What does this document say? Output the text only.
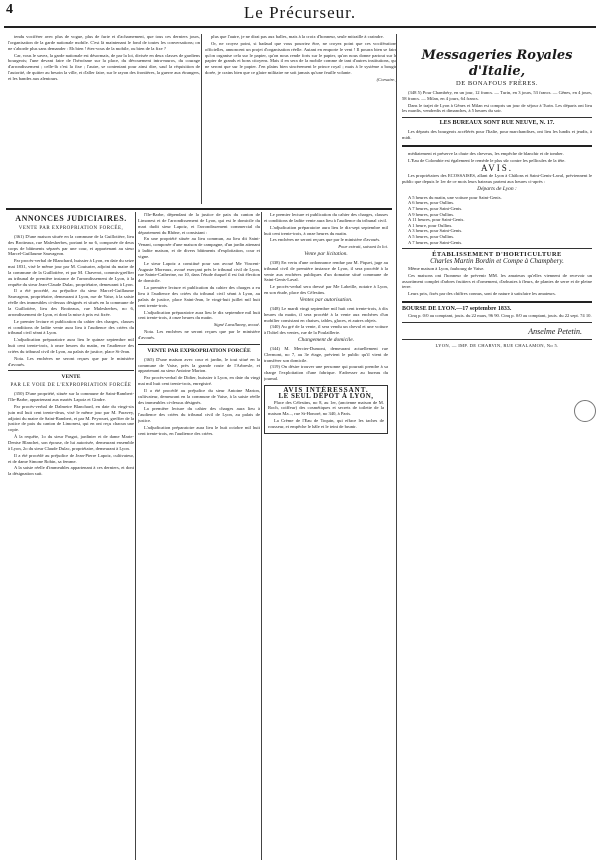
4	Le Précurseur.

tendu vociférer avec plus de vogue, plus de furie et d'acharnement, que tous ces derniers jours, l'organisation de la garde nationale mobile. C'est là maintenant le fond de toutes les conversations; on ne s'aborde plus sans demander : Eh bien ! êtes-vous de la mobile, ou bien de la fixe ?

Car, vous le savez, la garde nationale est désormais, de par la loi, divisée en deux classes de gardiens bourgeois; l'une devant faire de l'héroïsme sur la place, du dévouement intra-muros, du courage d'arrondissement ; celle-là c'est la fixe ; l'autre, se contentant pour ainsi dire, sauf la réquisition de l'autorité, de quitter au besoin la ville, et d'aller faire, sur le rayon des frontières, la guerre aux étrangers, et les bandes aux alentours.

plus que l'autre, je ne dirai pas aux balles, mais à la croix d'honneur, seule mitraille à craindre.

Or, ne croyez point, si badaud que vous pourriez être, ne croyez point que ces vociférations officielles, annoncent un projet d'organisation réelle. Autant en emporte le vent ! Il pourra bien se faire qu'on organise cela sur le papier, qu'on nous rende forts sur le papier, qu'on nous donne partout sur le papier de grands et bons citoyens. Mais il en sera de la mobile comme de tant d'autres institutions, qui ne seront que sur le papier. J'en plains bien sincèrement le prince royal ; mais à le système a bougie dorée, je crains bien que ce glaire militaire ne soit jamais qu'une feuille volante.

(Corsaire.)

ANNONCES JUDICIAIRES.
VENTE PAR EXPROPRIATION FORCÉE,

(361) D'une maison située en la commune de la Guillotière, lieu des Brotteaux, rue Malesherbes, portant le no 6, composée de deux corps de bâtiments séparés par une cour, et appartenant au sieur Marcel-Guillaume Sauvageon.

Par procès-verbal de Blanchard, huissier à Lyon, en date du seize mai 1831, visé le même jour par M. Couturier, adjoint du maire de la commune de la Guillotière, et par M. Chaverot, commis-greffier au tribunal de première instance de l'arrondissement de Lyon, à la requête du sieur Jean-Claude Dulac, propriétaire, demeurant à Lyon.

Il a été procédé, au préjudice du sieur Marcel-Guillaume Sauvageon, propriétaire, demeurant à Lyon, rue de Vaise, à la saisie réelle des immeubles ci-dessus désignés et situés en la commune de la Guillotière, lieu des Brotteaux, rue Malesherbes, no 6, arrondissement de Lyon, et dont la mise à prix est fixée.

Le premier lecture et publication du cahier des charges, clauses et conditions de ladite vente aura lieu à l'audience des criées du tribunal civil séant à Lyon.

L'adjudication préparatoire aura lieu le quinze septembre mil huit cent trente-trois, à onze heures du matin, en l'audience des criées du tribunal civil de Lyon, au palais de justice, place St-Jean.

Nota. Les enchères ne seront reçues que par le ministère d'avoués.

VENTE
PAR LE VOIE DE L'EXPROPRIATION FORCÉE

(350) D'une propriété, située sur la commune de Saint-Rambert-l'Ile-Barbe, appartenant aux mariés Lapoiz et Gindre.

Par procès-verbal de Dalmeire Blanchard, en date du vingt-six juin mil huit cent trente-deux, visé le même jour par M. Paravey, adjoint du maire de Saint-Rambert, et par M. Peyrouet, greffier de la justice de paix du canton de Limonest, qui en ont reçu chacun une copie.

À la requête, 1o du sieur Pasgot, jardinier et de dame Marie-Denise Blanchet, son épouse, de lui autorisée, demeurant ensemble à Lyon, 2o du sieur Claude Dulac, propriétaire, demeurant à Lyon.

Il a été procédé au préjudice de Jean-Pierre Lapoiz, cultivateur, et de dame Simone Robin, sa femme.

A la saisie réelle d'immeubles appartenant à ces derniers, et dont la désignation suit.

l'Ile-Barbe, dépendant de la justice de paix du canton de Limonest et de l'arrondissement de Lyon, qui est le domicile du mari dudit sieur Lapoiz, et l'arrondissement commercial du département du Rhône, et consistant :

En une propriété située au lieu commun, au lieu dit Saint-Venant, composée d'une maison de campagne, d'un jardin attenant à ladite maison, et de divers bâtiments d'exploitation, cour et vigne.

Le sieur Lapoiz a constitué pour son avoué Me Vincent-Auguste Moreaux, avoué exerçant près le tribunal civil de Lyon, rue Sainte-Catherine, no 10, dans l'étude duquel il est fait élection de domicile.

La première lecture et publication du cahier des charges a eu lieu à l'audience des criées du tribunal civil séant à Lyon, au palais de justice, place Saint-Jean, le vingt-huit juillet mil huit cent trente-trois.

L'adjudication préparatoire aura lieu le dix septembre mil huit cent trente-trois, à onze heures du matin.

Signé Lavallanny, avoué.

Nota. Les enchères ne seront reçues que par le ministère d'avoués.

VENTE PAR EXPROPRIATION FORCÉE

(365) D'une maison avec cour et jardin, le tout situé en la commune de Vaise, près la grande route de l'Arbresle, et appartenant au sieur Antoine Marion.

Par procès-verbal de Didier, huissier à Lyon, en date du vingt mai mil huit cent trente-trois, enregistré.

Il a été procédé au préjudice du sieur Antoine Marion, cultivateur, demeurant en la commune de Vaise, à la saisie réelle des immeubles ci-dessus désignés.

La première lecture du cahier des charges aura lieu à l'audience des criées du tribunal civil de Lyon, au palais de justice.

L'adjudication préparatoire aura lieu le huit octobre mil huit cent trente-trois, en l'audience des criées.

Le premier lecture et publication du cahier des charges, clauses et conditions de ladite vente aura lieu à l'audience du tribunal civil.

L'adjudication préparatoire aura lieu le dix-sept septembre mil huit cent trente-trois, à onze heures du matin.

Les enchères ne seront reçues que par le ministère d'avoués.

Pour extrait, suivant la loi.

Vente par licitation.

(338) En vertu d'une ordonnance rendue par M. Piquet, juge au tribunal civil de première instance de Lyon, il sera procédé à la vente aux enchères publiques d'un domaine situé commune de Saint-Genis-Laval.

Le procès-verbal sera dressé par Me Labeille, notaire à Lyon, en son étude, place des Célestins.

Ventes par autorisation.

(348) Le mardi vingt septembre mil huit cent trente-trois, à dix heures du matin, il sera procédé à la vente aux enchères d'un mobilier consistant en chaises, tables, glaces, et autres objets.

(340) Au gré de la vente, il sera vendu un cheval et une voiture à l'hôtel des ventes, rue de la Poulaillerie.

Changement de domicile.

(344) M. Mercier-Dumont, demeurant actuellement rue Clermont, no 7, au 3e étage, prévient le public qu'il vient de transférer son domicile.

(319) On désire trouver une personne qui pourrait prendre à sa charge l'exploitation d'une fabrique. S'adresser au bureau du journal.

AVIS INTÉRESSANT.
LE SEUL DÉPOT À LYON,

Place des Célestins, no 8, au 1er, (ancienne maison de M. Roch, coiffeur) des cosmétiques et secrets de toilette de la maison Ma..., rue St-Honoré, no 340, à Paris.

La Crème de l'Eau de Toquin, qui efface les taches de rousseur, et empêche le hâle et le teint de brunir.

Messageries Royales d'Italie,
DE BONAFOUS FRÈRES.

(348 5) Pour Chambéry, en un jour, 12 francs. — Turin, en 3 jours, 53 francs. — Gênes, en 4 jours, 58 francs. — Milan, en 4 jours, 64 francs.

Dans le trajet de Lyon à Gênes et Milan est compris un jour de séjour à Turin. Les départs ont lieu les mardis, vendredis et dimanches, à 5 heures du soir.

LES BUREAUX SONT RUE NEUVE, N. 17.

Les départs des bourgeois accélérés pour l'Italie, pour marchandises, ont lieu les lundis et jeudis, à midi.

médiatement et préserve la chute des cheveux, les empêche de blanchir et de tomber.

L'Eau de Colombie est également le remède le plus sûr contre les pellicules de la tête.

AVIS.

Les propriétaires des ECOSSAISES, allant de Lyon à Châlons et Saint-Genis-Laval, préviennent le public que depuis le 1er de ce mois leurs bateaux partent aux heures ci-après :

Départs de Lyon :
A 5 heures du matin, une voiture pour Saint-Genis.
A 6 heures, pour Oullins.
A 7 heures, pour Saint-Genis.
A 9 heures, pour Oullins.
A 11 heures, pour Saint-Genis.
A 1 heure, pour Oullins.
A 3 heures, pour Saint-Genis.
A 5 heures, pour Oullins.
A 7 heures, pour Saint-Genis.
ÉTABLISSEMENT D'HORTICULTURE
Charles Martin Bordin et Compe à Champbery.

Même maison à Lyon, faubourg de Vaise.

Ces maisons ont l'honneur de prévenir MM. les amateurs qu'elles viennent de recevoir un assortiment complet d'arbres fruitiers et d'ornement, d'arbustes à fleurs, de plantes de serre et de pleine terre.

Leurs prix, fixés par des chiffres connus, sont de nature à satisfaire les amateurs.

BOURSE DE LYON.—17 septembre 1833.

Cinq p. 0/0 au comptant, jouis. du 22 mars, 96 90. Cinq p. 0/0 au comptant, jouis. du 22 sept. 74 10.

Anselme Petetin.
LYON, — IMP. DE CHARVIN, RUE CHALAMON, No 5.
